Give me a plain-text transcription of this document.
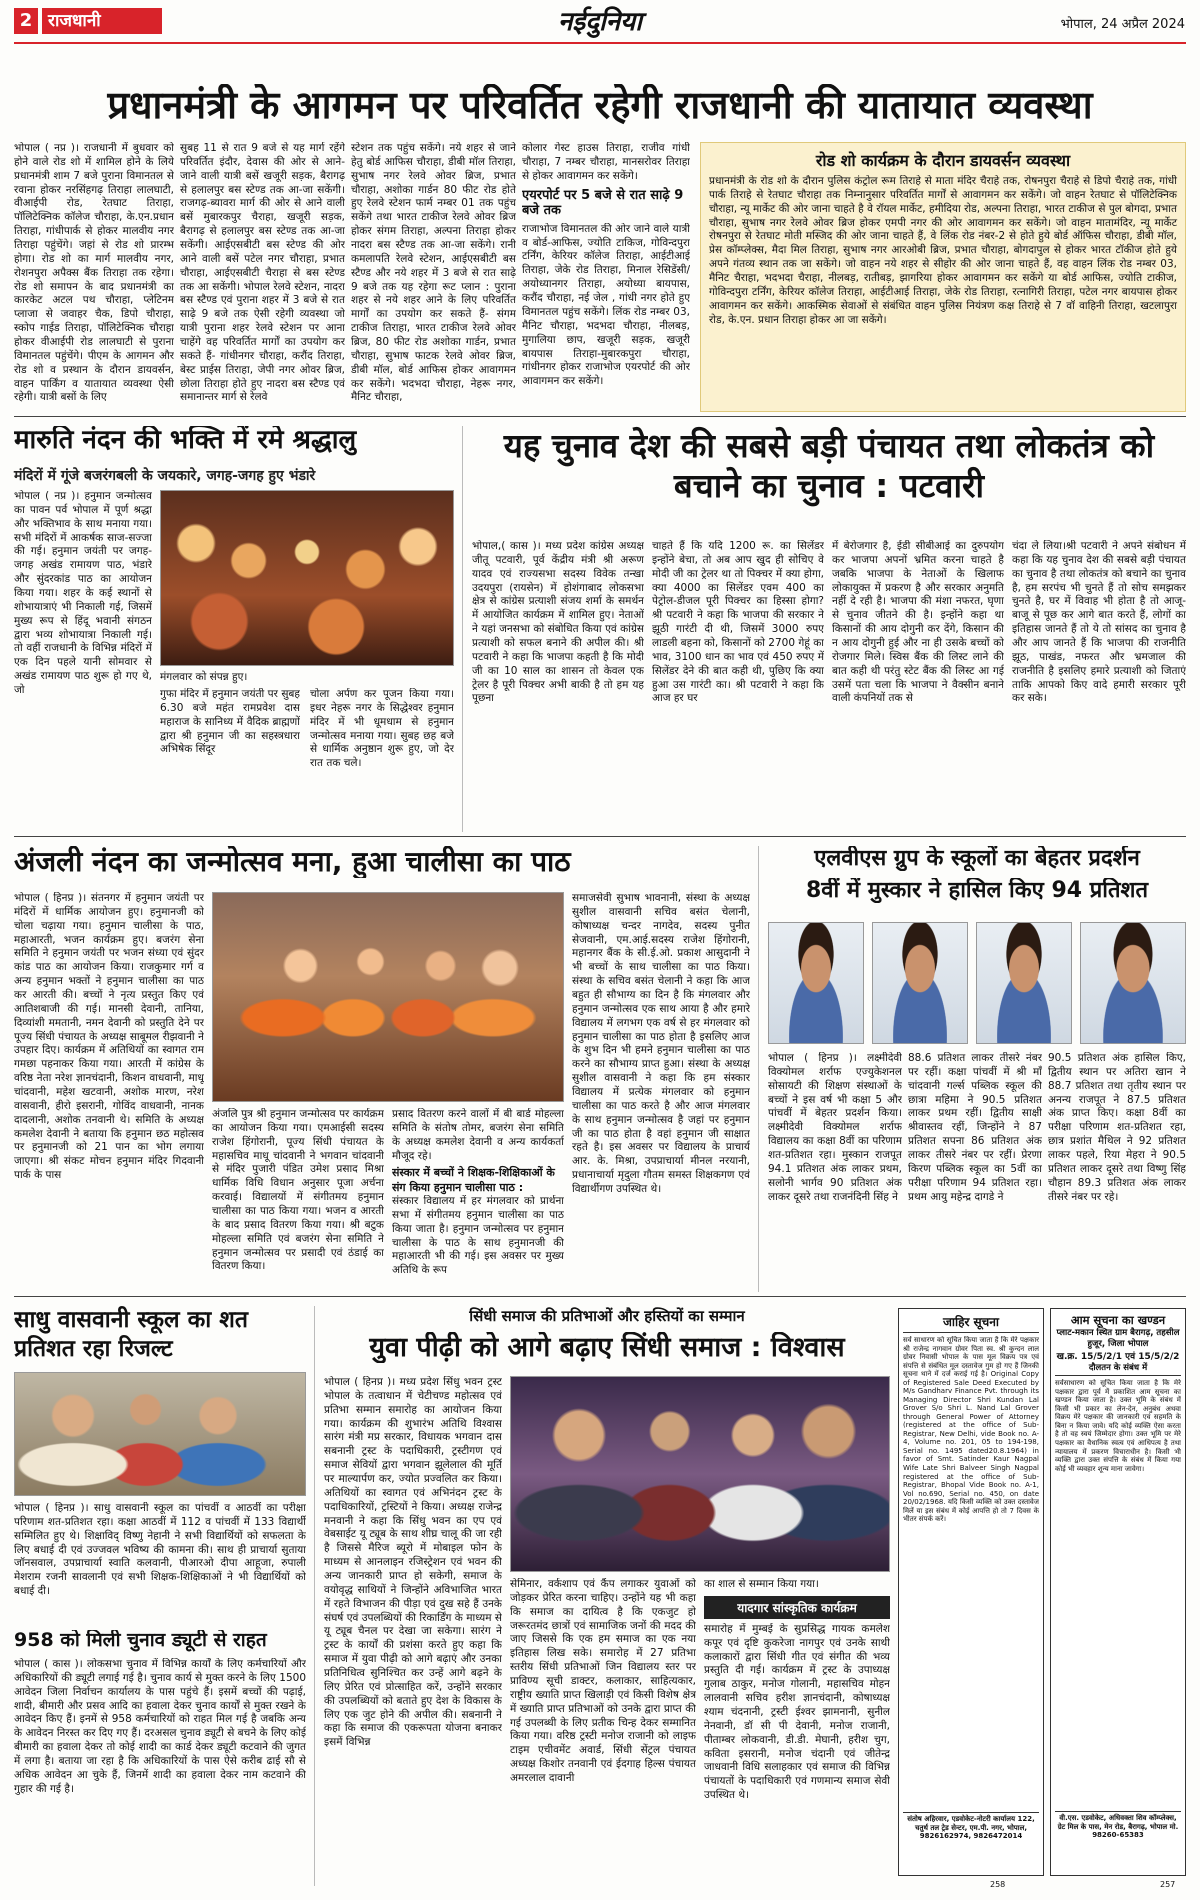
2 राजधानी	नईदुनिया	भोपाल, 24 अप्रैल 2024
प्रधानमंत्री के आगमन पर परिवर्तित रहेगी राजधानी की यातायात व्यवस्था
भोपाल ( नप्र )। राजधानी में बुधवार को होने वाले रोड शो में शामिल होने के लिये प्रधानमंत्री शाम 7 बजे पुराना विमानतल से रवाना होकर नरसिंहगढ़ तिराहा लालघाटी, वीआईपी रोड, रेतघाट तिराहा, पॉलिटेक्निक कॉलेज चौराहा, के.एन.प्रधान तिराहा, गांधीपार्क से होकर मालवीय नगर तिराहा पहुंचेंगे। जहां से रोड शो प्रारम्भ होगा। रोड शो का मार्ग मालवीय नगर, रोशनपुरा अपैक्स बैंक तिराहा तक रहेगा। रोड शो समापन के बाद प्रधानमंत्री का कारकेट अटल पथ चौराहा, प्लेटिनम प्लाजा से जवाहर चैक, डिपो चौराहा, स्कोप गाईड तिराहा, पॉलिटेक्निक चौराहा होकर वीआईपी रोड लालघाटी से पुराना विमानतल पहुंचेंगे। पीएम के आगमन और रोड शो व प्रस्थान के दौरान डायवर्सन, वाहन पार्किंग व यातायात व्यवस्था ऐसी रहेगी। यात्री बसों के लिए
सुबह 11 से रात 9 बजे से यह मार्ग रहेंगे परिवर्तित इंदौर, देवास की ओर से आने-जाने वाली यात्री बसें खजूरी सड़क, बैरागढ़ से हलालपुर बस स्टेण्ड तक आ-जा सकेंगी। राजगढ़-ब्यावरा मार्ग की ओर से आने वाली बसें मुबारकपुर चैराहा, खजूरी सड़क, बैरागढ़ से हलालपुर बस स्टेण्ड तक आ-जा सकेंगी। आईएसबीटी बस स्टेण्ड की ओर आने वाली बसें पटेल नगर चौराहा, प्रभात चौराहा, आईएसबीटी चैराहा से बस स्टेण्ड तक आ सकेंगी। भोपाल रेलवे स्टेशन, नादरा बस स्टैण्ड एवं पुराना शहर में 3 बजे से रात साढ़े 9 बजे तक ऐसी रहेगी व्यवस्था जो यात्री पुराना शहर रेलवे स्टेशन पर आना चाहेंगे वह परिवर्तित मार्गों का उपयोग कर सकते हैं- गांधीनगर चौराहा, करौंद तिराहा, बेस्ट प्राईस तिराहा, जेपी नगर ओवर ब्रिज, छोला तिराहा होते हुए नादरा बस स्टैण्ड एवं समानान्तर मार्ग से रेलवे
स्टेशन तक पहुंच सकेंगे। नये शहर से जाने हेतु बोर्ड आफिस चौराहा, डीबी मॉल तिराहा, सुभाष नगर रेलवे ओवर ब्रिज, प्रभात चौराहा, अशोका गार्डन 80 फीट रोड होते हुए रेलवे स्टेशन फार्म नम्बर 01 तक पहुंच सकेंगे तथा भारत टाकीज रेलवे ओवर ब्रिज होकर संगम तिराहा, अल्पना तिराहा होकर नादरा बस स्टैण्ड तक आ-जा सकेंगे। रानी कमलापति रेलवे स्टेशन, आईएसबीटी बस स्टैण्ड और नये शहर में 3 बजे से रात साढ़े 9 बजे तक यह रहेगा रूट प्लान : पुराना शहर से नये शहर आने के लिए परिवर्तित मार्गों का उपयोग कर सकते हैं- संगम टाकीज तिराहा, भारत टाकीज रेलवे ओवर ब्रिज, 80 फीट रोड अशोका गार्डन, प्रभात चौराहा, सुभाष फाटक रेलवे ओवर ब्रिज, डीबी मॉल, बोर्ड आफिस होकर आवागमन कर सकेंगे। भदभदा चौराहा, नेहरू नगर, मैनिट चौराहा,
कोलार गेस्ट हाउस तिराहा, राजीव गांधी चौराहा, 7 नम्बर चौराहा, मानसरोवर तिराहा से होकर आवागमन कर सकेंगे।
एयरपोर्ट पर 5 बजे से रात साढ़े 9 बजे तक
राजाभोज विमानतल की ओर जाने वाले यात्री व बोर्ड-आफिस, ज्योति टाकिज, गोविन्दपुरा टर्निंग, केरियर कॉलेज तिराहा, आईटीआई तिराहा, जेके रोड तिराहा, मिनाल रेसिडेंसी/अयोध्यानगर तिराहा, अयोध्या बायपास, करौंद चौराहा, नई जेल , गांधी नगर होते हुए विमानतल पहुंच सकेंगे। लिंक रोड नम्बर 03, मैनिट चौराहा, भदभदा चौराहा, नीलबड़, मुगालिया छाप, खजूरी सड़क, खजूरी बायपास तिराहा-मुबारकपुरा चौराहा, गांधीनगर होकर राजाभोज एयरपोर्ट की ओर आवागमन कर सकेंगे।
रोड शो कार्यक्रम के दौरान डायवर्सन व्यवस्था
प्रधानमंत्री के रोड शो के दौरान पुलिस कंट्रोल रूम तिराहे से माता मंदिर चैराहे तक, रोषनपुरा चैराहे से डिपो चैराहे तक, गांधी पार्क तिराहे से रेतघाट चौराहा तक निम्नानुसार परिवर्तित मार्गों से आवागमन कर सकेंगे। जो वाहन रेतघाट से पॉलिटेक्निक चौराहा, न्यू मार्केट की ओर जाना चाहते है वे रॉयल मार्केट, हमीदिया रोड, अल्पना तिराहा, भारत टाकीज से पुल बोगदा, प्रभात चौराहा, सुभाष नगर रेलवे ओवर ब्रिज होकर एमपी नगर की ओर आवागमन कर सकेंगे। जो वाहन मातामंदिर, न्यू मार्केट रोषनपुरा से रेतघाट मोती मस्जिद की ओर जाना चाहते हैं, वे लिंक रोड नंबर-2 से होते हुये बोर्ड ऑफिस चौराहा, डीबी मॉल, प्रेस कॉम्प्लेक्स, मैदा मिल तिराहा, सुभाष नगर आरओबी ब्रिज, प्रभात चौराहा, बोगदापुल से होकर भारत टॉकीज होते हुये अपने गंतव्य स्थान तक जा सकेंगे। जो वाहन नये शहर से सीहोर की ओर जाना चाहते हैं, वह वाहन लिंक रोड नम्बर 03, मैनिट चैराहा, भदभदा चैराहा, नीलबड़, रातीबड़, झागरिया होकर आवागमन कर सकेंगे या बोर्ड आफिस, ज्योति टाकीज, गोविन्दपुरा टर्निंग, केरियर कॉलेज तिराहा, आईटीआई तिराहा, जेके रोड तिराहा, रत्नागिरी तिराहा, पटेल नगर बायपास होकर आवागमन कर सकेंगे। आकस्मिक सेवाओं से संबंधित वाहन पुलिस नियंत्रण कक्ष तिराहे से 7 वॉ वाहिनी तिराहा, खटलापुरा रोड, के.एन. प्रधान तिराहा होकर आ जा सकेंगे।
मारुति नंदन की भक्ति में रमे श्रद्धालु
मंदिरों में गूंजे बजरंगबली के जयकारे, जगह-जगह हुए भंडारे
भोपाल ( नप्र )। हनुमान जन्मोत्सव का पावन पर्व भोपाल में पूर्ण श्रद्धा और भक्तिभाव के साथ मनाया गया। सभी मंदिरों में आकर्षक साज-सज्जा की गई। हनुमान जयंती पर जगह-जगह अखंड रामायण पाठ, भंडारे और सुंदरकांड पाठ का आयोजन किया गया। शहर के कई स्थानों से शोभायात्राएं भी निकाली गई, जिसमें मुख्य रूप से हिंदू भवानी संगठन द्वारा भव्य शोभायात्रा निकाली गई। तो वहीं राजधानी के विभिन्न मंदिरों में एक दिन पहले यानी सोमवार से अखंड रामायण पाठ शुरू हो गए थे, जो
मंगलवार को संपन्न हुए।
गुफा मंदिर में हनुमान जयंती पर सुबह 6.30 बजे महंत रामप्रवेश दास महाराज के सानिध्य में वैदिक ब्राह्मणों द्वारा श्री हनुमान जी का सहस्त्रधारा अभिषेक सिंदूर
चोला अर्पण कर पूजन किया गया। इधर नेहरू नगर के सिद्धेश्वर हनुमान मंदिर में भी धूमधाम से हनुमान जन्मोत्सव मनाया गया। सुबह छह बजे से धार्मिक अनुष्ठान शुरू हुए, जो देर रात तक चले।
यह चुनाव देश की सबसे बड़ी पंचायत तथा लोकतंत्र को बचाने का चुनाव : पटवारी
भोपाल,( कास )। मध्य प्रदेश कांग्रेस अध्यक्ष जीतू पटवारी, पूर्व केंद्रीय मंत्री श्री अरूण यादव एवं राज्यसभा सदस्य विवेक तन्खा उदयपुरा (रायसेन) में होशंगाबाद लोकसभा क्षेत्र से कांग्रेस प्रत्याशी संजय शर्मा के समर्थन में आयोजित कार्यक्रम में शामिल हुए। नेताओं ने यहां जनसभा को संबोधित किया एवं कांग्रेस प्रत्याशी को सफल बनाने की अपील की। श्री पटवारी ने कहा कि भाजपा कहती है कि मोदी जी का 10 साल का शासन तो केवल एक ट्रेलर है पूरी पिक्चर अभी बाकी है तो हम यह पूछना
चाहते हैं कि यदि 1200 रू. का सिलेंडर इन्होंने बेचा, तो अब आप खुद ही सोचिए वे मोदी जी का ट्रेलर था तो पिक्चर में क्या होगा, क्या 4000 का सिलेंडर एवम 400 का पेट्रोल-डीजल पूरी पिक्चर का हिस्सा होगा? श्री पटवारी ने कहा कि भाजपा की सरकार ने झूठी गारंटी दी थी, जिसमें 3000 रुपए लाडली बहना को, किसानों को 2700 गेहूं का भाव, 3100 धान का भाव एवं 450 रुपए में सिलेंडर देने की बात कही थी, पुछिए कि क्या हुआ उस गारंटी का। श्री पटवारी ने कहा कि आज हर घर
में बेरोजगार है, ईडी सीबीआई का दुरुपयोग कर भाजपा अपनों भ्रमित करना चाहते है जबकि भाजपा के नेताओं के खिलाफ लोकायुक्त में प्रकरण है और सरकार अनुमति नहीं दे रही है। भाजपा की मंशा नफरत, घृणा से चुनाव जीतने की है। इन्होंने कहा था किसानों की आय दोगुनी कर देंगे, किसान की न आय दोगुनी हुई और ना ही उसके बच्चों को रोजगार मिले। स्विस बैंक की लिस्ट लाने की बात कही थी परंतु स्टेट बैंक की लिस्ट आ गई उसमें पता चला कि भाजपा ने वैक्सीन बनाने वाली कंपनियों तक से
चंदा ले लिया।श्री पटवारी ने अपने संबोधन में कहा कि यह चुनाव देश की सबसे बड़ी पंचायत का चुनाव है तथा लोकतंत्र को बचाने का चुनाव है, हम सरपंच भी चुनते हैं तो सोच समझकर चुनते है, घर में विवाह भी होता है तो आजू-बाजू से पूछ कर आगे बात करते हैं, लोगों का इतिहास जानते हैं तो ये तो सांसद का चुनाव है और आप जानते हैं कि भाजपा की राजनीति झूठ, पाखंड, नफरत और भ्रमजाल की राजनीति है इसलिए हमारे प्रत्याशी को जिताएं ताकि आपको किए वादे हमारी सरकार पूरी कर सके।
अंजली नंदन का जन्मोत्सव मना, हुआ चालीसा का पाठ
भोपाल ( हिनप्र )। संतनगर में हनुमान जयंती पर मंदिरों में धार्मिक आयोजन हुए। हनुमानजी को चोला चढ़ाया गया। हनुमान चालीसा के पाठ, महाआरती, भजन कार्यक्रम हुए। बजरंग सेना समिति ने हनुमान जयंती पर भजन संध्या एवं सुंदर कांड पाठ का आयोजन किया। राजकुमार गर्ग व अन्य हनुमान भक्तों ने हनुमान चालीसा का पाठ कर आरती की। बच्चों ने नृत्य प्रस्तुत किए एवं आतिशबाजी की गई। मानसी देवानी, तानिया, दिव्यांशी ममतानी, नमन देवानी को प्रस्तुति देने पर पूज्य सिंधी पंचायत के अध्यक्ष साबूमल रीझवानी ने उपहार दिए। कार्यक्रम में अतिथियों का स्वागत राम गमछा पहनाकर किया गया। आरती में कांग्रेस के वरिष्ठ नेता नरेश ज्ञानचंदानी, किशन वाधवानी, माधू चांदवानी, महेश खटवानी, अशोक मारण, नरेश वासवानी, हीरो इसरानी, गोविंद वाधवानी, नानक दादलानी, अशोक तनवानी थे। समिति के अध्यक्ष कमलेश देवानी ने बताया कि हनुमान छठ महोत्सव पर हनुमानजी को 21 पान का भोग लगाया जाएगा। श्री संकट मोचन हनुमान मंदिर गिदवानी पार्क के पास
अंजलि पुत्र श्री हनुमान जन्मोत्सव पर कार्यक्रम का आयोजन किया गया। एमआईसी सदस्य राजेश हिंगोरानी, पूज्य सिंधी पंचायत के महासचिव माधू चांदवानी ने भगवान चांदवानी से मंदिर पुजारी पंडित उमेश प्रसाद मिश्रा धार्मिक विधि विधान अनुसार पूजा अर्चना करवाई। विद्यालयों में संगीतमय हनुमान चालीसा का पाठ किया गया। भजन व आरती के बाद प्रसाद वितरण किया गया। श्री बटुक मोहल्ला समिति एवं बजरंग सेना समिति ने हनुमान जन्मोत्सव पर प्रसादी एवं ठंडाई का वितरण किया।
प्रसाद वितरण करने वालों में बी बार्ड मोहल्ला समिति के संतोष तोमर, बजरंग सेना समिति के अध्यक्ष कमलेश देवानी व अन्य कार्यकर्ता मौजूद रहे।
संस्कार में बच्चों ने शिक्षक-शिक्षिकाओं के संग किया हनुमान चालीसा पाठ :
संस्कार विद्यालय में हर मंगलवार को प्रार्थना सभा में संगीतमय हनुमान चालीसा का पाठ किया जाता है। हनुमान जन्मोत्सव पर हनुमान चालीसा के पाठ के साथ हनुमानजी की महाआरती भी की गई। इस अवसर पर मुख्य अतिथि के रूप
समाजसेवी सुभाष भावनानी, संस्था के अध्यक्ष सुशील वासवानी सचिव बसंत चेलानी, कोषाध्यक्ष चन्दर नागदेव, सदस्य पुनीत सेजवानी, एम.आई.सदस्य राजेश हिंगोरानी, महानगर बैंक के सी.ई.ओ. प्रकाश आसुदानी ने भी बच्चों के साथ चालीसा का पाठ किया। संस्था के सचिव बसंत चेलानी ने कहा कि आज बहुत ही सौभाग्य का दिन है कि मंगलवार और हनुमान जन्मोत्सव एक साथ आया है और हमारे विद्यालय में लगभग एक वर्ष से हर मंगलवार को हनुमान चालीसा का पाठ होता है इसलिए आज के शुभ दिन भी हमने हनुमान चालीसा का पाठ करने का सौभाग्य प्राप्त हुआ। संस्था के अध्यक्ष सुशील वासवानी ने कहा कि हम संस्कार विद्यालय में प्रत्येक मंगलवार को हनुमान चालीसा का पाठ करते है और आज मंगलवार के साथ हनुमान जन्मोत्सव है जहां पर हनुमान जी का पाठ होता है वहां हनुमान जी साक्षात रहते है। इस अवसर पर विद्यालय के प्राचार्य आर. के. मिश्रा, उपप्राचार्या मीनल नरयानी, प्रधानाचार्या मृदुला गौतम समस्त शिक्षकगण एवं विद्यार्थीगण उपस्थित थे।
एलवीएस ग्रुप के स्कूलों का बेहतर प्रदर्शन
8वीं में मुस्कार ने हासिल किए 94 प्रतिशत
भोपाल ( हिनप्र )। लक्ष्मीदेवी विक्योमल शर्राफ एज्युकेशनल सोसायटी की शिक्षण संस्थाओं के बच्चों ने इस वर्ष भी कक्षा 5 और पांचवीं में बेहतर प्रदर्शन किया। लक्ष्मीदेवी विक्योमल शर्राफ विद्यालय का कक्षा 8वीं का परिणाम शत-प्रतिशत रहा। मुस्कान राजपूत 94.1 प्रतिशत अंक लाकर प्रथम, सलोनी भार्गव 90 प्रतिशत अंक लाकर दूसरे तथा राजनंदिनी सिंह ने
88.6 प्रतिशत लाकर तीसरे नंबर पर रहीं। कक्षा पांचवीं में श्री माँ चांदवानी गर्ल्स पब्लिक स्कूल की छात्रा महिमा ने 90.5 प्रतिशत लाकर प्रथम रहीं। द्वितीय साक्षी श्रीवास्तव रहीं, जिन्होंने ने 87 प्रतिशत सपना 86 प्रतिशत अंक लाकर तीसरे नंबर पर रहीं। प्रेरणा किरण पब्लिक स्कूल का 5वीं का परीक्षा परिणाम 94 प्रतिशत रहा। प्रथम आयु महेन्द्र दागडे ने
90.5 प्रतिशत अंक हासिल किए, द्वितीय स्थान पर अतिरा खान ने 88.7 प्रतिशत तथा तृतीय स्थान पर अनन्य राजपूत ने 87.5 प्रतिशत अंक प्राप्त किए। कक्षा 8वीं का परीक्षा परिणाम शत-प्रतिशत रहा, छात्र प्रशांत मैथिल ने 92 प्रतिशत लाकर पहले, रिया मेहरा ने 90.5 प्रतिशत लाकर दूसरे तथा विष्णु सिंह चौहान 89.3 प्रतिशत अंक लाकर तीसरे नंबर पर रहे।
साधु वासवानी स्कूल का शत प्रतिशत रहा रिजल्ट
भोपाल ( हिनप्र )। साधु वासवानी स्कूल का पांचवीं व आठवीं का परीक्षा परिणाम शत-प्रतिशत रहा। कक्षा आठवीं में 112 व पांचवीं में 133 विद्यार्थी सम्मिलित हुए थे। शिक्षाविद् विष्णु नेहानी ने सभी विद्यार्थियों को सफलता के लिए बधाई दी एवं उज्जवल भविष्य की कामना की। साथ ही प्राचार्या सुताया जॉनसवाल, उपप्राचार्या स्वाति कलवानी, पीआरओ दीपा आहूजा, रुपाली मेशराम रजनी सावलानी एवं सभी शिक्षक-शिक्षिकाओं ने भी विद्यार्थियों को बधाई दी।
958 को मिली चुनाव ड्यूटी से राहत
भोपाल ( कास )। लोकसभा चुनाव में विभिन्न कार्यों के लिए कर्मचारियों और अधिकारियों की ड्यूटी लगाई गई है। चुनाव कार्य से मुक्त करने के लिए 1500 आवेदन जिला निर्वाचन कार्यालय के पास पहुंचे हैं। इसमें बच्चों की पढ़ाई, शादी, बीमारी और प्रसव आदि का हवाला देकर चुनाव कार्यों से मुक्त रखने के आवेदन किए हैं। इनमें से 958 कर्मचारियों को राहत मिल गई है जबकि अन्य के आवेदन निरस्त कर दिए गए हैं। दरअसल चुनाव ड्यूटी से बचने के लिए कोई बीमारी का हवाला देकर तो कोई शादी का कार्ड देकर ड्यूटी कटवाने की जुगत में लगा है। बताया जा रहा है कि अधिकारियों के पास ऐसे करीब ढाई सौ से अधिक आवेदन आ चुके हैं, जिनमें शादी का हवाला देकर नाम कटवाने की गुहार की गई है।
सिंधी समाज की प्रतिभाओं और हस्तियों का सम्मान
युवा पीढ़ी को आगे बढ़ाए सिंधी समाज : विश्वास
भोपाल ( हिनप्र )। मध्य प्रदेश सिंधु भवन ट्रस्ट भोपाल के तत्वाधान में चेटीचण्ड महोत्सव एवं प्रतिभा सम्मान समारोह का आयोजन किया गया। कार्यक्रम की शुभारंभ अतिथि विश्वास सारंग मंत्री मप्र सरकार, विधायक भगवान दास सबनानी ट्रस्ट के पदाधिकारी, ट्रस्टीगण एवं समाज सेवियों द्वारा भगवान झूलेलाल की मूर्ति पर माल्यार्पण कर, ज्योत प्रज्वलित कर किया। अतिथियों का स्वागत एवं अभिनंदन ट्रस्ट के पदाधिकारियों, ट्रस्टियों ने किया। अध्यक्ष राजेन्द्र मनवानी ने कहा कि सिंधु भवन का एप एवं वेबसाईट यू ट्यूब के साथ शीघ्र चालू की जा रही है जिससे मैरिज ब्यूरो में मोबाइल फोन के माध्यम से आनलाइन रजिस्ट्रेशन एवं भवन की अन्य जानकारी प्राप्त हो सकेगी, समाज के वयोवृद्ध साथियों ने जिन्होंने अविभाजित भारत में रहते विभाजन की पीड़ा एवं दुख सहे हैं उनके संघर्ष एवं उपलब्धियों की रिकार्डिंग के माध्यम से यू ट्यूब चैनल पर देखा जा सकेगा। सारंग ने ट्रस्ट के कार्यों की प्रशंसा करते हुए कहा कि समाज में युवा पीढ़ी को आगे बढ़ाएं और उनका प्रतिनिधित्व सुनिश्चित कर उन्हें आगे बढ़ने के लिए प्रेरित एवं प्रोत्साहित करें, उन्होंने सरकार की उपलब्धियों को बताते हुए देश के विकास के लिए एक जुट होने की अपील की। सबनानी ने कहा कि समाज की एकरूपता योजना बनाकर इसमें विभिन्न
सेमिनार, वर्कशाप एवं कैंप लगाकर युवाओं को जोड़कर प्रेरित करना चाहिए। उन्होंने यह भी कहा कि समाज का दायित्व है कि एकजुट हो जरूरतमंद छात्रों एवं सामाजिक जनों की मदद की जाए जिससे कि एक हम समाज का एक नया इतिहास लिख सके। समारोह में 27 प्रतिभा स्तरीय सिंधी प्रतिभाओं जिन विद्यालय स्तर पर प्राविण्य सूची डाक्टर, कलाकार, साहित्यकार, राष्ट्रीय ख्याति प्राप्त खिलाड़ी एवं किसी विशेष क्षेत्र में ख्याति प्राप्त प्रतिभाओं को उनके द्वारा प्राप्त की गई उपलब्धी के लिए प्रतीक चिन्ह देकर सम्मानित किया गया। वरिष्ठ ट्रस्टी मनोज राजानी को लाइफ टाइम एचीवमेंट अवार्ड, सिंधी सेंट्रल पंचायत अध्यक्ष किशोर तनवानी एवं ईदगाह हिल्स पंचायत अमरलाल दावानी
का शाल से सम्मान किया गया।
यादगार सांस्कृतिक कार्यक्रम
समारोह में मुम्बई के सुप्रसिद्ध गायक कमलेश कपूर एवं दृष्टि कुकरेजा नागपुर एवं उनके साथी कलाकारों द्वारा सिंधी गीत एवं संगीत की भव्य प्रस्तुति दी गई। कार्यक्रम में ट्रस्ट के उपाध्यक्ष गुलाब ठाकुर, मनोज गोलानी, महासचिव मोहन लालवानी सचिव हरीश ज्ञानचंदानी, कोषाध्यक्ष श्याम चंदनानी, ट्रस्टी ईश्वर झामनानी, सुनील नेनवानी, डॉ सी पी देवानी, मनोज राजानी, पीताम्बर लोकवानी, डी.डी. मेघानी, हरीश चुग, कविता इसरानी, मनोज चंदानी एवं जीतेन्द्र जाधवानी विधि सलाहकार एवं समाज की विभिन्न पंचायतों के पदाधिकारी एवं गणमान्य समाज सेवी उपस्थित थे।
जाहिर सूचना
सर्व साधारण को सूचित किया जाता है कि मेरे पक्षकार श्री राजेन्द्र नागवान ग्रोवर पिता स्व. श्री कुन्दन लाल ग्रोवर निवासी भोपाल के पास मूल विक्रय पत्र एवं संपत्ति से संबंधित मूल दस्तावेज गुम हो गए हैं जिनकी सूचना थाने में दर्ज कराई गई है। Original Copy of Registered Sale Deed Executed by M/s Gandharv Finance Pvt. through its Managing Director Shri Kundan Lal Grover S/o Shri L. Nand Lal Grover through General Power of Attorney (registered at the office of Sub-Registrar, New Delhi, vide Book no. A-4, Volume no. 201, 05 to 194-198, Serial no. 1495 dated20.8.1964) in favor of Smt. Satinder Kaur Nagpal Wife Late Shri Balveer Singh Nagpal registered at the office of Sub-Registrar, Bhopal Vide Book no. A-1, Vol no.690, Serial no. 450, on date 20/02/1968. यदि किसी व्यक्ति को उक्त दस्तावेज मिलें या इस संबंध में कोई आपत्ति हो तो 7 दिवस के भीतर संपर्क करें।
संतोष अहिरवार, एडवोकेट-नोटरी कार्यालय 122, चतुर्थ तल ट्रेड सेन्टर, एम.पी. नगर, भोपाल, 9826162974, 9826472014
आम सूचना का खण्डन
प्लाट-मकान स्थित ग्राम बैरागढ़, तहसील हुजूर, जिला भोपाल
ख.क्र. 15/5/2/1 एवं 15/5/2/2
दौलतन के संबंध में
सर्वसाधारण को सूचित किया जाता है कि मेरे पक्षकार द्वारा पूर्व में प्रकाशित आम सूचना का खण्डन किया जाता है। उक्त भूमि के संबंध में किसी भी प्रकार का लेन-देन, अनुबंध अथवा विक्रय मेरे पक्षकार की जानकारी एवं सहमति के बिना न किया जावे। यदि कोई व्यक्ति ऐसा करता है तो वह स्वयं जिम्मेदार होगा। उक्त भूमि पर मेरे पक्षकार का वैधानिक स्वत्व एवं आधिपत्य है तथा न्यायालय में प्रकरण विचाराधीन है। किसी भी व्यक्ति द्वारा उक्त संपत्ति के संबंध में किया गया कोई भी व्यवहार शून्य माना जावेगा।
वी.एस. एडवोकेट, अधिवक्ता शिव कॉम्प्लेक्स, ग्रेट मिल के पास, मेन रोड, बैरागढ़, भोपाल मो. 98260-65383
258	257
